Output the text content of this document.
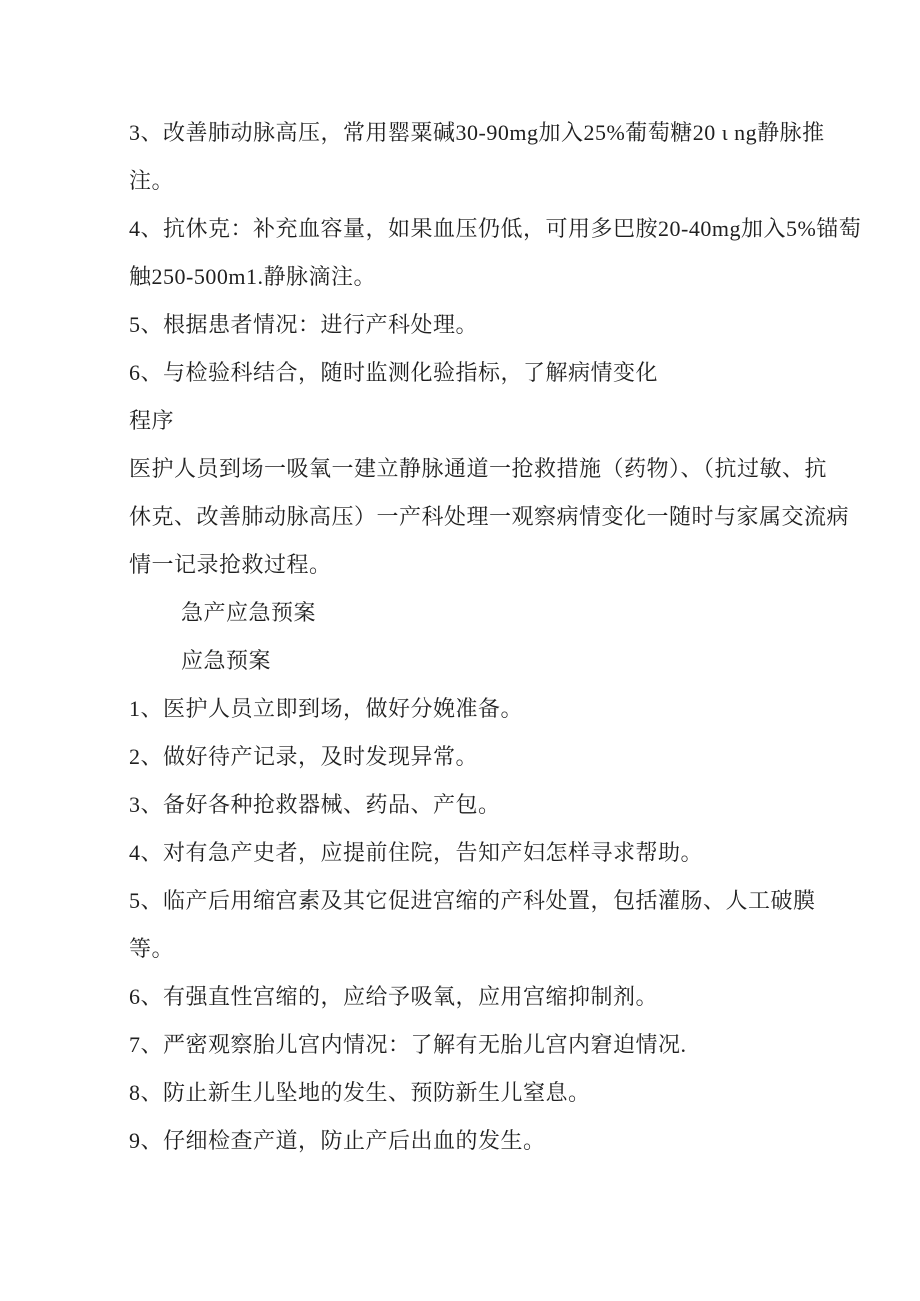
3、改善肺动脉高压，常用罂粟碱30-90mg加入25%葡萄糖20 ι ng静脉推
注。
4、抗休克：补充血容量，如果血压仍低，可用多巴胺20-40mg加入5%锚萄
触250-500m1.静脉滴注。
5、根据患者情况：进行产科处理。
6、与检验科结合，随时监测化验指标，了解病情变化
程序
医护人员到场一吸氧一建立静脉通道一抢救措施（药物）、（抗过敏、抗
休克、改善肺动脉高压）一产科处理一观察病情变化一随时与家属交流病
情一记录抢救过程。
急产应急预案
应急预案
1、医护人员立即到场，做好分娩准备。
2、做好待产记录，及时发现异常。
3、备好各种抢救器械、药品、产包。
4、对有急产史者，应提前住院，告知产妇怎样寻求帮助。
5、临产后用缩宫素及其它促进宫缩的产科处置，包括灌肠、人工破膜
等。
6、有强直性宫缩的，应给予吸氧，应用宫缩抑制剂。
7、严密观察胎儿宫内情况：了解有无胎儿宫内窘迫情况.
8、防止新生儿坠地的发生、预防新生儿窒息。
9、仔细检查产道，防止产后出血的发生。
